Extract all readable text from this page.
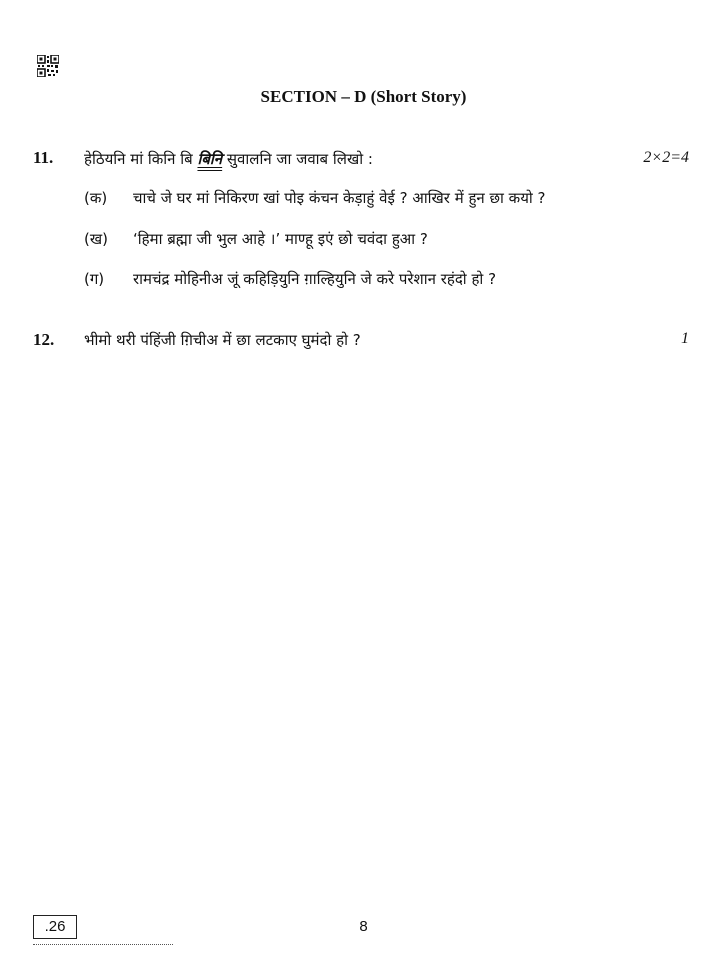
SECTION – D (Short Story)
11. हेठियनि मां किनि बि बिनि सुवालनि जा जवाब लिखो :	2×2=4
(क) चाचे जे घर मां निकिरण खां पोइ कंचन केड़ाहुं वेई ? आखिर में हुन छा कयो ?
(ख) ‘हिमा ब्रह्मा जी भुल आहे ।’ माण्हू इएं छो चवंदा हुआ ?
(ग) रामचंद्र मोहिनीअ जूं कहिड़ियुनि ग़ाल्हियुनि जे करे परेशान रहंदो हो ?
12. भीमो थरी पंहिंजी ग़िचीअ में छा लटकाए घुमंदो हो ?	1
.26	8
